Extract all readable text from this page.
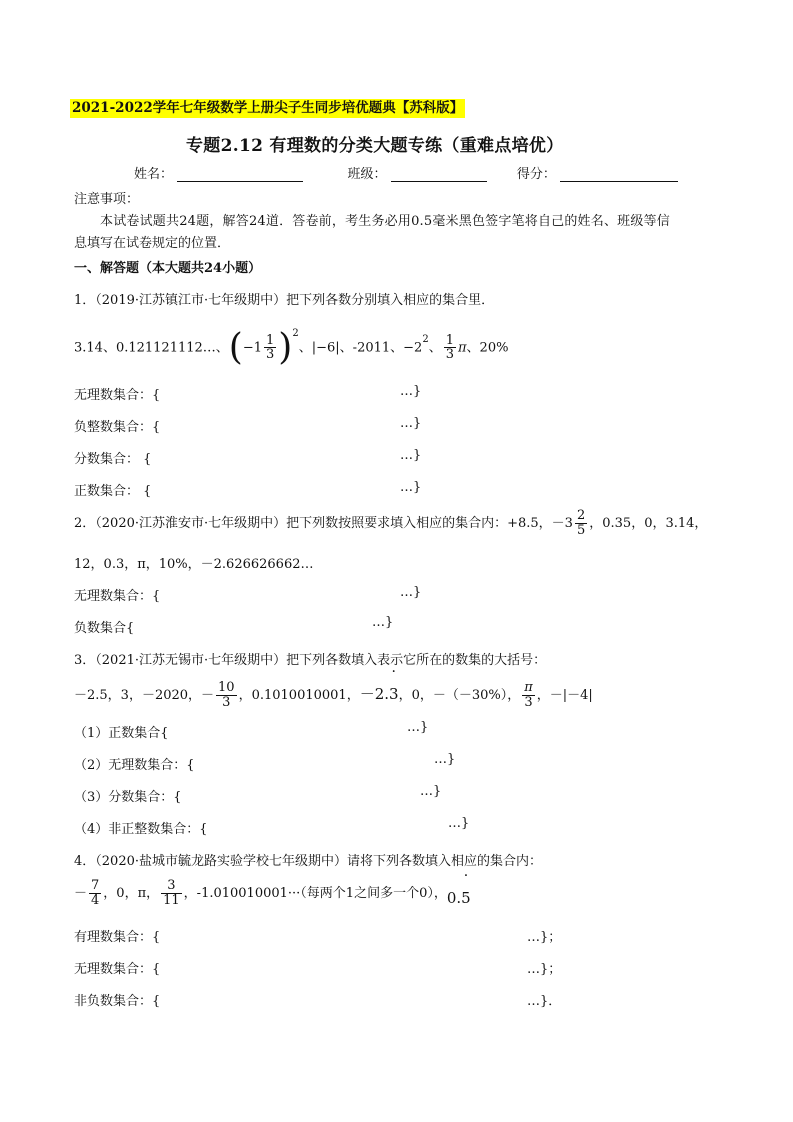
2021-2022学年七年级数学上册尖子生同步培优题典【苏科版】
专题2.12 有理数的分类大题专练（重难点培优）
姓名：	班级：	得分：
注意事项：
本试卷试题共24题，解答24道．答卷前，考生务必用0.5毫米黑色签字笔将自己的姓名、班级等信
息填写在试卷规定的位置．
一、解答题（本大题共24小题）
1．（2019·江苏镇江市·七年级期中）把下列各数分别填入相应的集合里．
3.14、0.121121112…、$(-1 \frac{1}{3} )^2$、|−6|、-2011、$-2^2$、 $\frac{1}{3}$ π、20%
无理数集合：{	…}
负整数集合：{	…}
分数集合： {	…}
正数集合： {	…}
2．（2020·江苏淮安市·七年级期中）把下列数按照要求填入相应的集合内：+8.5，$-3 \frac{2}{5}$ ，0.35，0，3.14，
12，0.3，π，10%，－2.626626662…
无理数集合：{	…}
负数集合{	…}
3．（2021·江苏无锡市·七年级期中）把下列各数填入表示它所在的数集的大括号：
－2.5，3，－2020，－ $\frac{10}{3}$ ，0.1010010001，－2.
·
3，0，－（－30%）， $\frac{\pi}{3}$ ，－|－4|
（1）正数集合{	…}
（2）无理数集合：{	…}
（3）分数集合：{	…}
（4）非正整数集合：{	…}
4．（2020·盐城市毓龙路实验学校七年级期中）请将下列各数填入相应的集合内：
－ $\frac{7}{4}$ ，0，π， $\frac{3}{11}$ ，-1.010010001···（每两个1之间多一个0），0.
·
5
有理数集合：{	…}；
无理数集合：{	…}；
非负数集合：{	…}．
